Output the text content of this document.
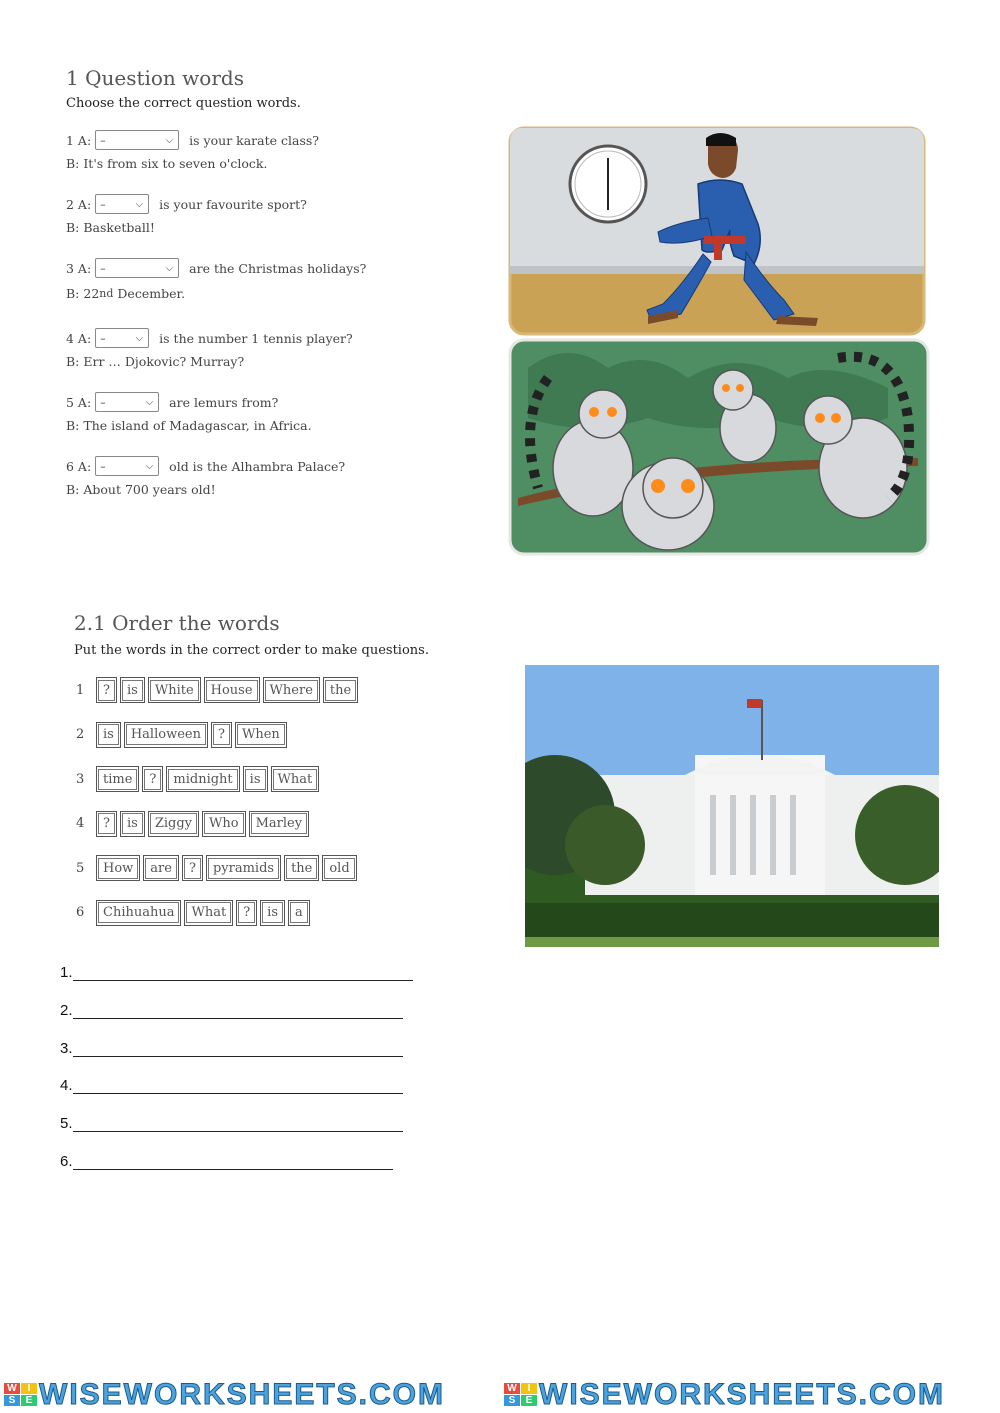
1 Question words
Choose the correct question words.
1 A: –	⌵ is your karate class?
B: It's from six to seven o'clock.
2 A: –	⌵ is your favourite sport?
B: Basketball!
3 A: –	⌵ are the Christmas holidays?
B: 22 nd December.
4 A: –	⌵ is the number 1 tennis player?
B: Err … Djokovic? Murray?
5 A: –	⌵ are lemurs from?
B: The island of Madagascar, in Africa.
6 A: –	⌵ old is the Alhambra Palace?
B: About 700 years old!
2.1 Order the words
Put the words in the correct order to make questions.
1	?	is	White	House	Where	the
2	is	Halloween	?	When
3	time	?	midnight	is	What
4	?	is	Ziggy	Who	Marley
5	How	are	?	pyramids	the	old
6	Chihuahua	What	?	is	a
1.
2.
3.
4.
5.
6.
W	I
S	E WISEWORKSHEETS.COM	W	I
S	E WISEWORKSHEETS.COM
